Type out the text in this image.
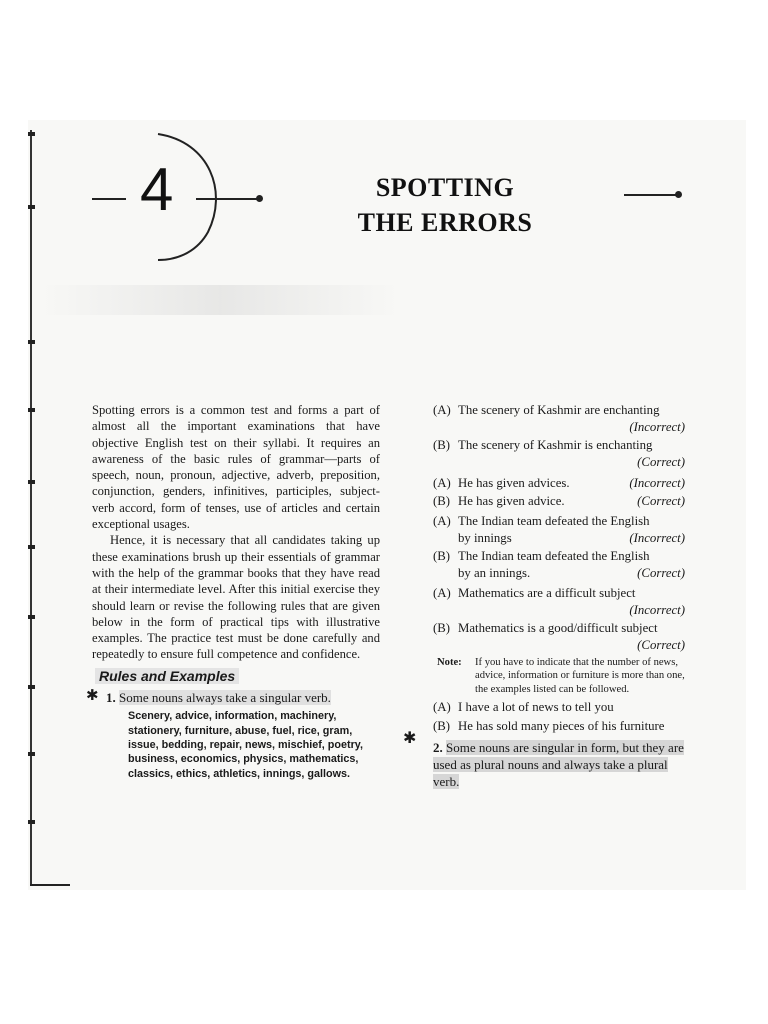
4	SPOTTING
THE ERRORS

Spotting errors is a common test and forms a part of almost all the important examinations that have objective English test on their syllabi. It requires an awareness of the basic rules of grammar—parts of speech, noun, pronoun, adjective, adverb, preposition, conjunction, genders, infinitives, participles, subject-verb accord, form of tenses, use of articles and certain exceptional usages.

Hence, it is necessary that all candidates taking up these examinations brush up their essentials of grammar with the help of the grammar books that they have read at their intermediate level. After this initial exercise they should learn or revise the following rules that are given below in the form of practical tips with illustrative examples. The practice test must be done carefully and repeatedly to ensure full competence and confidence.

Rules and Examples
✱ 1. Some nouns always take a singular verb.
Scenery, advice, information, machinery, stationery, furniture, abuse, fuel, rice, gram, issue, bedding, repair, news, mischief, poetry, business, economics, physics, mathematics, classics, ethics, athletics, innings, gallows.
(A) The scenery of Kashmir are enchanting
(Incorrect)
(B) The scenery of Kashmir is enchanting
(Correct)
(A) He has given advices.	(Incorrect)
(B) He has given advice.	(Correct)
(A) The Indian team defeated the English
by innings	(Incorrect)
(B) The Indian team defeated the English
by an innings.	(Correct)
(A) Mathematics are a difficult subject
(Incorrect)
(B) Mathematics is a good/difficult subject
(Correct)
Note:	If you have to indicate that the number of news, advice, information or furniture is more than one, the examples listed can be followed.
(A) I have a lot of news to tell you
(B) He has sold many pieces of his furniture
✱
2. Some nouns are singular in form, but they are used as plural nouns and always take a plural verb.
